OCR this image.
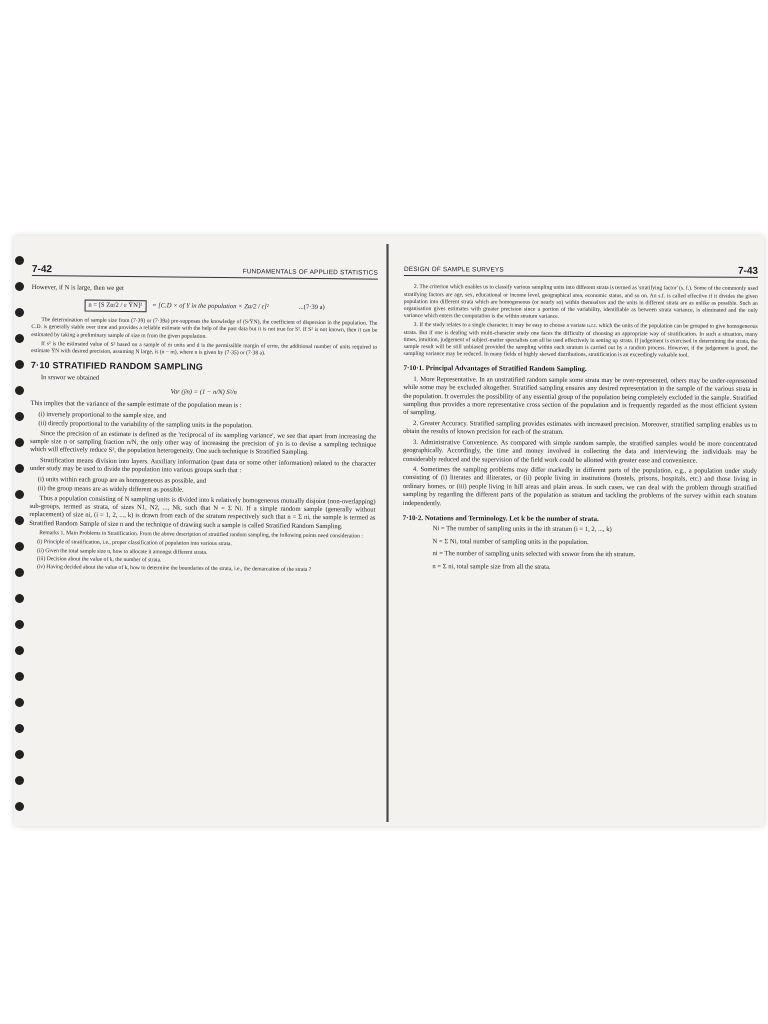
7-42	FUNDAMENTALS OF APPLIED STATISTICS

However, if N is large, then we get

n = [S Zα/2 / ε ȲN]²	= [C.D × of Y in the population × Zα/2 / ε]²	...(7·39 a)

The determination of sample size from (7·39) or (7·39a) pre-supposes the knowledge of (S/ȲN), the coefficient of dispersion in the population. The C.D. is generally stable over time and provides a reliable estimate with the help of the past data but it is not true for S². If S² is not known, then it can be estimated by taking a preliminary sample of size m from the given population.

If s² is the estimated value of S² based on a sample of m units and d is the permissible margin of error, the additional number of units required to estimate ȲN with desired precision, assuming N large, is (n − m), where n is given by (7·35) or (7·38 a).

7·10 STRATIFIED RANDOM SAMPLING

In srswor we obtained

Var (ȳn) = (1 − n/N) S²/n

This implies that the variance of the sample estimate of the population mean is :

(i) inversely proportional to the sample size, and

(ii) directly proportional to the variability of the sampling units in the population.

Since the precision of an estimate is defined as the 'reciprocal of its sampling variance', we see that apart from increasing the sample size n or sampling fraction n/N, the only other way of increasing the precision of ȳn is to devise a sampling technique which will effectively reduce S², the population heterogeneity. One such technique is Stratified Sampling.

Stratification means division into layers. Auxiliary information (past data or some other information) related to the character under study may be used to divide the population into various groups such that :

(i) units within each group are as homogeneous as possible, and

(ii) the group means are as widely different as possible.

Thus a population consisting of N sampling units is divided into k relatively homogeneous mutually disjoint (non-overlapping) sub-groups, termed as strata, of sizes N1, N2, ..., Nk, such that N = Σ Ni. If a simple random sample (generally without replacement) of size ni, (i = 1, 2, ..., k) is drawn from each of the stratum respectively such that n = Σ ni, the sample is termed as Stratified Random Sample of size n and the technique of drawing such a sample is called Stratified Random Sampling.

Remarks 1. Main Problems in Stratification. From the above description of stratified random sampling, the following points need consideration :

(i) Principle of stratification, i.e., proper classification of population into various strata.

(ii) Given the total sample size n, how to allocate it amongst different strata.

(iii) Decision about the value of k, the number of strata.

(iv) Having decided about the value of k, how to determine the boundaries of the strata, i.e., the demarcation of the strata ?

DESIGN OF SAMPLE SURVEYS	7-43

2. The criterion which enables us to classify various sampling units into different strata is termed as 'stratifying factor' (s. f.). Some of the commonly used stratifying factors are age, sex, educational or income level, geographical area, economic status, and so on. An s.f. is called effective if it divides the given population into different strata which are homogeneous (or nearly so) within themselves and the units in different strata are as unlike as possible. Such an organisation gives estimates with greater precision since a portion of the variability, identifiable as between strata variance, is eliminated and the only variance which enters the computation is the within stratum variance.

3. If the study relates to a single character, it may be easy to choose a variate u.r.t. which the units of the population can be grouped to give homogeneous strata. But if one is dealing with multi-character study one faces the difficulty of choosing an appropriate way of stratification. In such a situation, many times, intuition, judgement of subject-matter specialists can all be used effectively in setting up strata. If judgement is exercised in determining the strata, the sample result will be still unbiased provided the sampling within each stratum is carried out by a random process. However, if the judgement is good, the sampling variance may be reduced. In many fields of highly skewed distributions, stratification is an exceedingly valuable tool.

7·10·1. Principal Advantages of Stratified Random Sampling.

1. More Representative. In an unstratified random sample some strata may be over-represented, others may be under-represented while some may be excluded altogether. Stratified sampling ensures any desired representation in the sample of the various strata in the population. It overrules the possibility of any essential group of the population being completely excluded in the sample. Stratified sampling thus provides a more representative cross section of the population and is frequently regarded as the most efficient system of sampling.

2. Greater Accuracy. Stratified sampling provides estimates with increased precision. Moreover, stratified sampling enables us to obtain the results of known precision for each of the stratum.

3. Administrative Convenience. As compared with simple random sample, the stratified samples would be more concentrated geographically. Accordingly, the time and money involved in collecting the data and interviewing the individuals may be considerably reduced and the supervision of the field work could be allotted with greater ease and convenience.

4. Sometimes the sampling problems may differ markedly in different parts of the population, e.g., a population under study consisting of (i) literates and illiterates, or (ii) people living in institutions (hostels, prisons, hospitals, etc.) and those living in ordinary homes, or (iii) people living in hill areas and plain areas. In such cases, we can deal with the problem through stratified sampling by regarding the different parts of the population as stratum and tackling the problems of the survey within each stratum independently.

7·10·2. Notations and Terminology. Let k be the number of strata.

Ni = The number of sampling units in the ith stratum (i = 1, 2, ..., k)

N = Σ Ni, total number of sampling units in the population.

ni = The number of sampling units selected with srswor from the ith stratum.

n = Σ ni, total sample size from all the strata.
